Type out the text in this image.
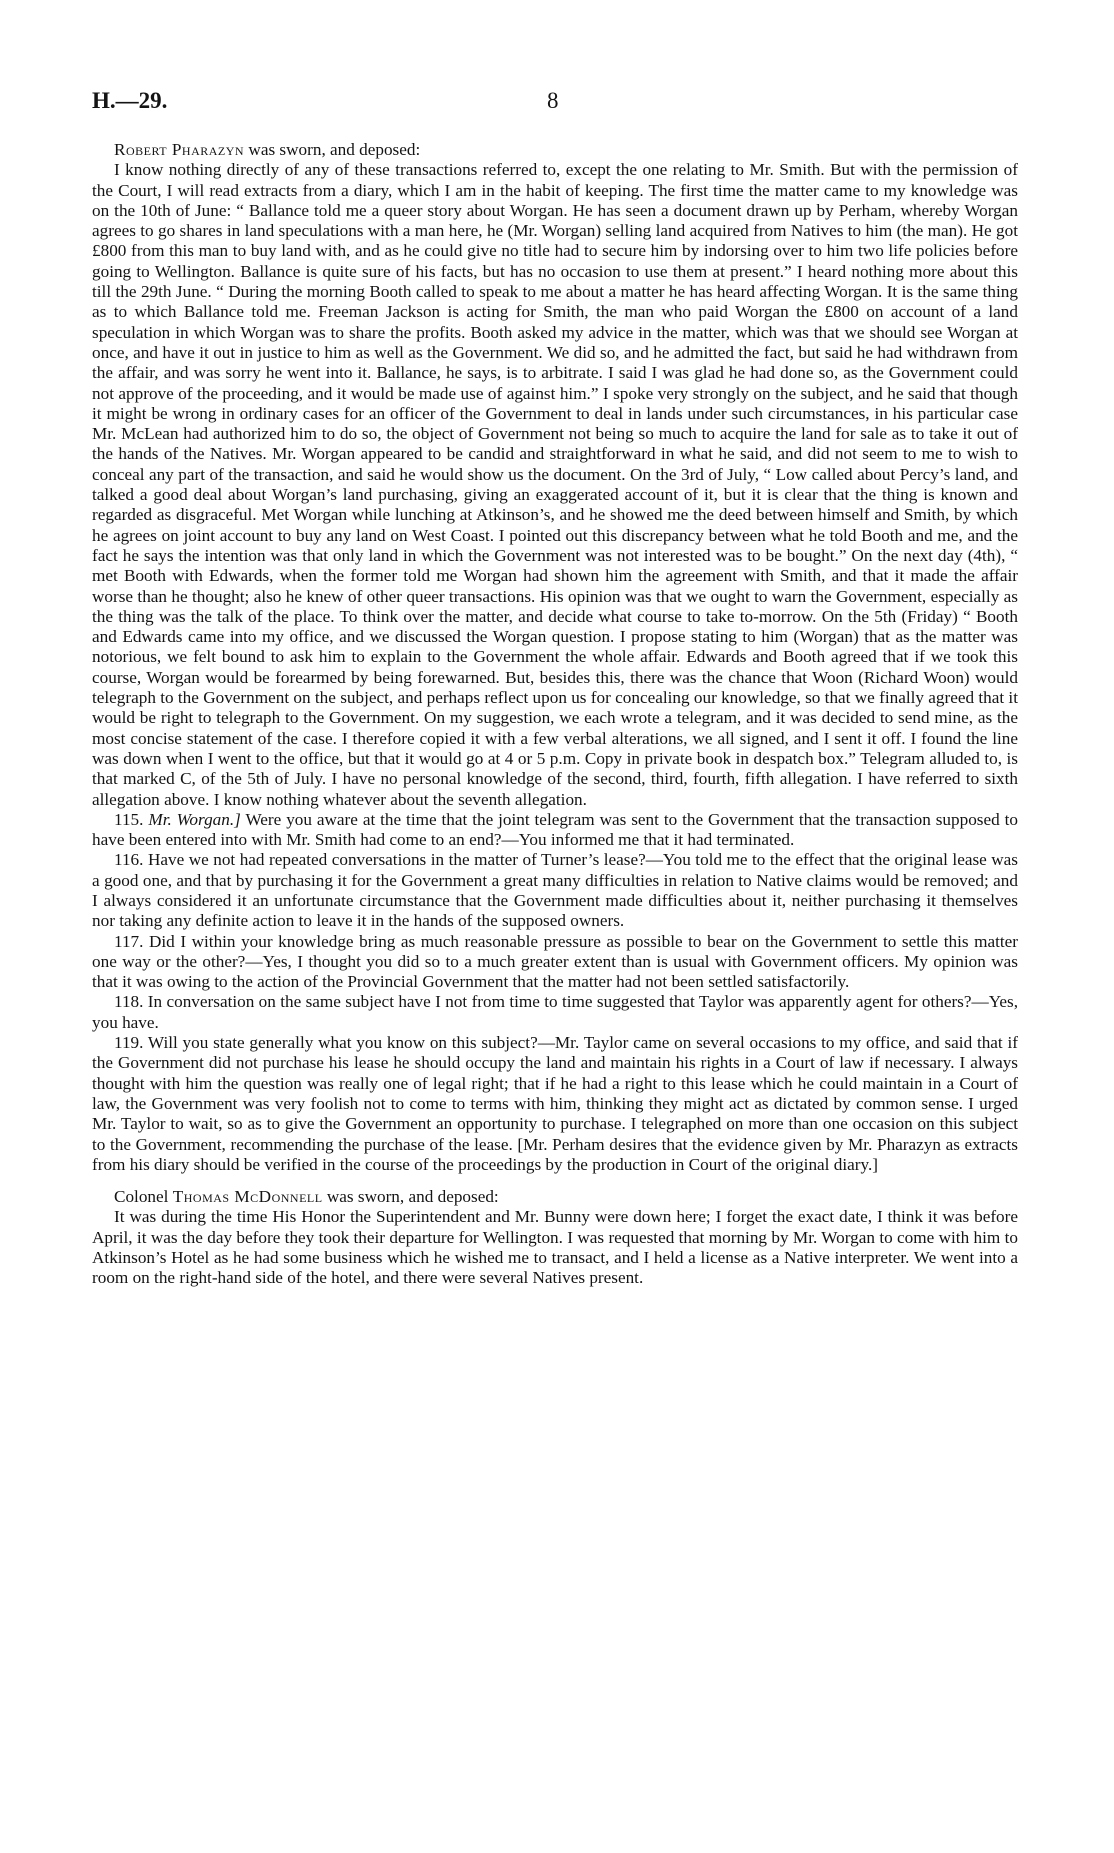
H.—29.	8

Robert Pharazyn was sworn, and deposed:

I know nothing directly of any of these transactions referred to, except the one relating to Mr. Smith. But with the permission of the Court, I will read extracts from a diary, which I am in the habit of keeping. The first time the matter came to my knowledge was on the 10th of June: “ Ballance told me a queer story about Worgan. He has seen a document drawn up by Perham, whereby Worgan agrees to go shares in land speculations with a man here, he (Mr. Worgan) selling land acquired from Natives to him (the man). He got £800 from this man to buy land with, and as he could give no title had to secure him by indorsing over to him two life policies before going to Wellington. Ballance is quite sure of his facts, but has no occasion to use them at present.” I heard nothing more about this till the 29th June. “ During the morning Booth called to speak to me about a matter he has heard affecting Worgan. It is the same thing as to which Ballance told me. Freeman Jackson is acting for Smith, the man who paid Worgan the £800 on account of a land speculation in which Worgan was to share the profits. Booth asked my advice in the matter, which was that we should see Worgan at once, and have it out in justice to him as well as the Government. We did so, and he admitted the fact, but said he had withdrawn from the affair, and was sorry he went into it. Ballance, he says, is to arbitrate. I said I was glad he had done so, as the Government could not approve of the proceeding, and it would be made use of against him.” I spoke very strongly on the subject, and he said that though it might be wrong in ordinary cases for an officer of the Government to deal in lands under such circumstances, in his particular case Mr. McLean had authorized him to do so, the object of Government not being so much to acquire the land for sale as to take it out of the hands of the Natives. Mr. Worgan appeared to be candid and straightforward in what he said, and did not seem to me to wish to conceal any part of the transaction, and said he would show us the document. On the 3rd of July, “ Low called about Percy’s land, and talked a good deal about Worgan’s land purchasing, giving an exaggerated account of it, but it is clear that the thing is known and regarded as disgraceful. Met Worgan while lunching at Atkinson’s, and he showed me the deed between himself and Smith, by which he agrees on joint account to buy any land on West Coast. I pointed out this discrepancy between what he told Booth and me, and the fact he says the intention was that only land in which the Government was not interested was to be bought.” On the next day (4th), “ met Booth with Edwards, when the former told me Worgan had shown him the agreement with Smith, and that it made the affair worse than he thought; also he knew of other queer transactions. His opinion was that we ought to warn the Government, especially as the thing was the talk of the place. To think over the matter, and decide what course to take to-morrow. On the 5th (Friday) “ Booth and Edwards came into my office, and we discussed the Worgan question. I propose stating to him (Worgan) that as the matter was notorious, we felt bound to ask him to explain to the Government the whole affair. Edwards and Booth agreed that if we took this course, Worgan would be forearmed by being forewarned. But, besides this, there was the chance that Woon (Richard Woon) would telegraph to the Government on the subject, and perhaps reflect upon us for concealing our knowledge, so that we finally agreed that it would be right to telegraph to the Government. On my suggestion, we each wrote a telegram, and it was decided to send mine, as the most concise statement of the case. I therefore copied it with a few verbal alterations, we all signed, and I sent it off. I found the line was down when I went to the office, but that it would go at 4 or 5 p.m. Copy in private book in despatch box.” Telegram alluded to, is that marked C, of the 5th of July. I have no personal knowledge of the second, third, fourth, fifth allegation. I have referred to sixth allegation above. I know nothing whatever about the seventh allegation.

115. Mr. Worgan.] Were you aware at the time that the joint telegram was sent to the Government that the transaction supposed to have been entered into with Mr. Smith had come to an end?—You informed me that it had terminated.

116. Have we not had repeated conversations in the matter of Turner’s lease?—You told me to the effect that the original lease was a good one, and that by purchasing it for the Government a great many difficulties in relation to Native claims would be removed; and I always considered it an unfortunate circumstance that the Government made difficulties about it, neither purchasing it themselves nor taking any definite action to leave it in the hands of the supposed owners.

117. Did I within your knowledge bring as much reasonable pressure as possible to bear on the Government to settle this matter one way or the other?—Yes, I thought you did so to a much greater extent than is usual with Government officers. My opinion was that it was owing to the action of the Provincial Government that the matter had not been settled satisfactorily.

118. In conversation on the same subject have I not from time to time suggested that Taylor was apparently agent for others?—Yes, you have.

119. Will you state generally what you know on this subject?—Mr. Taylor came on several occasions to my office, and said that if the Government did not purchase his lease he should occupy the land and maintain his rights in a Court of law if necessary. I always thought with him the question was really one of legal right; that if he had a right to this lease which he could maintain in a Court of law, the Government was very foolish not to come to terms with him, thinking they might act as dictated by common sense. I urged Mr. Taylor to wait, so as to give the Government an opportunity to purchase. I telegraphed on more than one occasion on this subject to the Government, recommending the purchase of the lease. [Mr. Perham desires that the evidence given by Mr. Pharazyn as extracts from his diary should be verified in the course of the proceedings by the production in Court of the original diary.]

Colonel Thomas McDonnell was sworn, and deposed:

It was during the time His Honor the Superintendent and Mr. Bunny were down here; I forget the exact date, I think it was before April, it was the day before they took their departure for Wellington. I was requested that morning by Mr. Worgan to come with him to Atkinson’s Hotel as he had some business which he wished me to transact, and I held a license as a Native interpreter. We went into a room on the right-hand side of the hotel, and there were several Natives present.
